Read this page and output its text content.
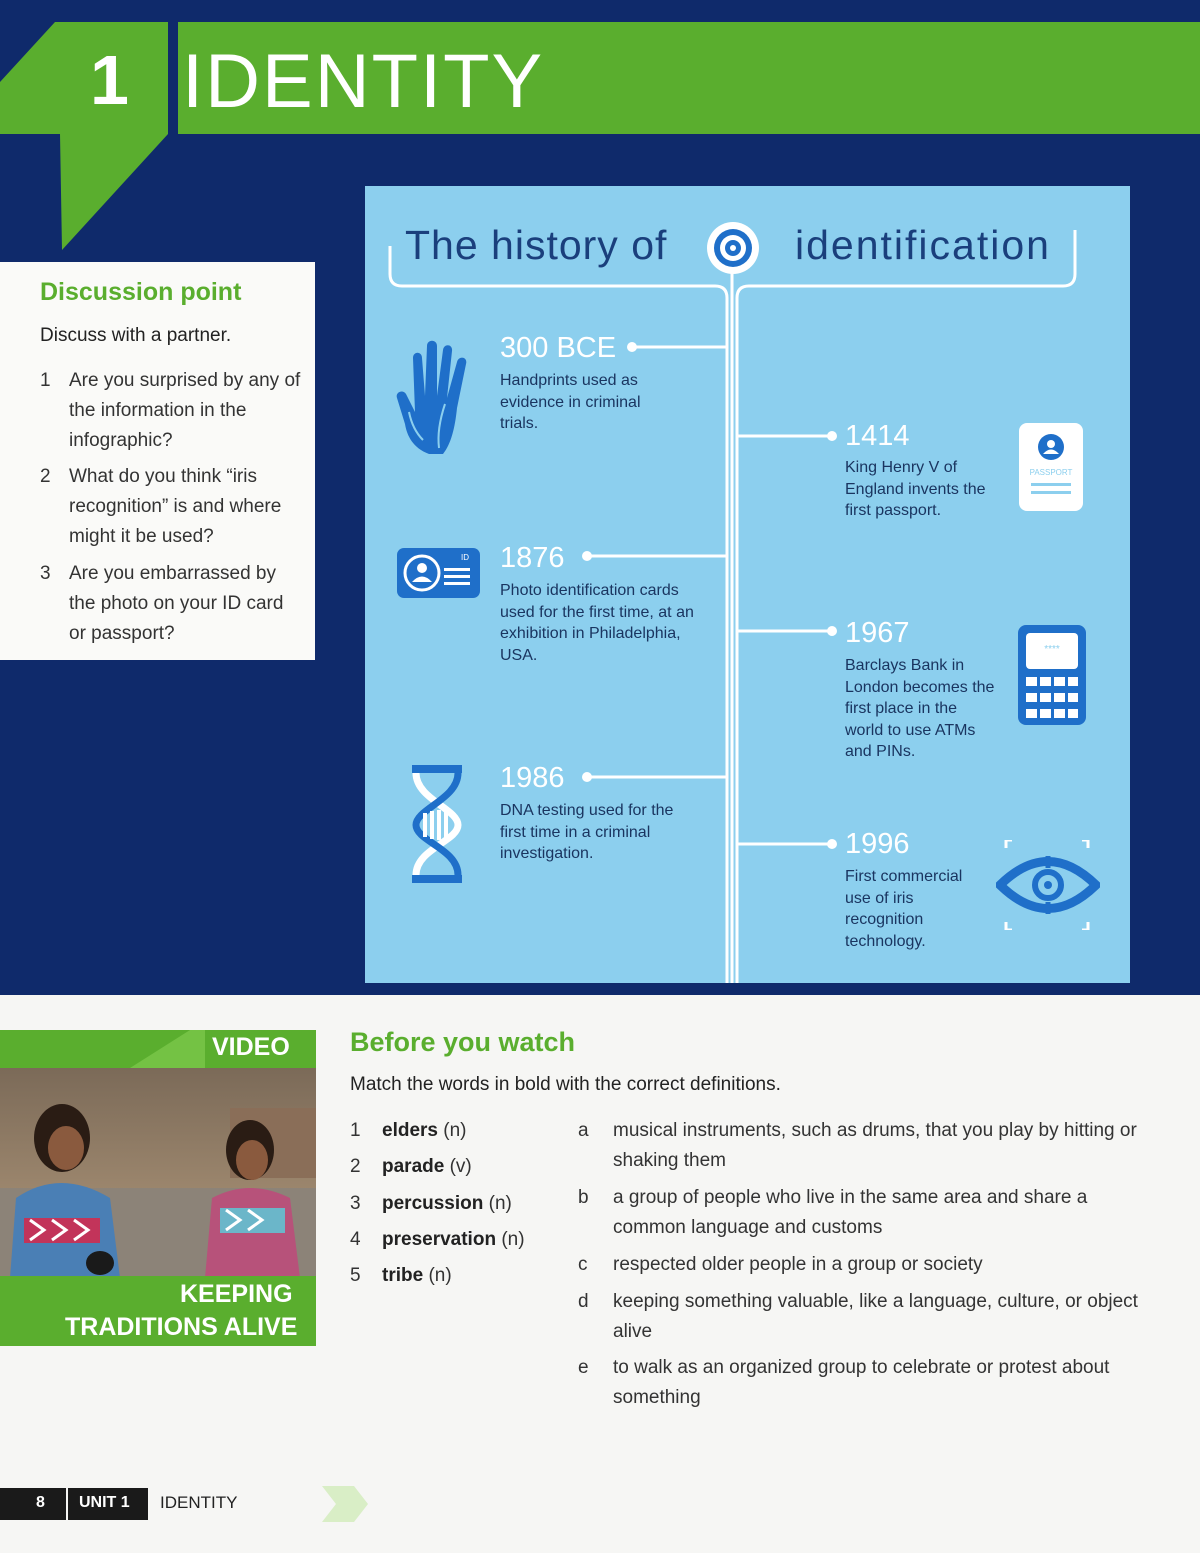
1 IDENTITY
Discussion point
Discuss with a partner.
1 Are you surprised by any of the information in the infographic?
2 What do you think “iris recognition” is and where might it be used?
3 Are you embarrassed by the photo on your ID card or passport?
The history of	identification
300 BCE
Handprints used as evidence in criminal trials.	1414
King Henry V of England invents the first passport.
1876
Photo identification cards used for the first time, at an exhibition in Philadelphia, USA.
1967
Barclays Bank in London becomes the first place in the world to use ATMs and PINs.
1986
DNA testing used for the first time in a criminal investigation.	1996
First commercial use of iris recognition technology.
PASSPORT
ID
****
VIDEO
KEEPING
TRADITIONS ALIVE
Before you watch
Match the words in bold with the correct definitions.
1 elders (n)
2 parade (v)
3 percussion (n)
4 preservation (n)
5 tribe (n)
a musical instruments, such as drums, that you play by hitting or shaking them
b a group of people who live in the same area and share a common language and customs
c respected older people in a group or society
d keeping something valuable, like a language, culture, or object alive
e to walk as an organized group to celebrate or protest about something
8 UNIT 1 IDENTITY
